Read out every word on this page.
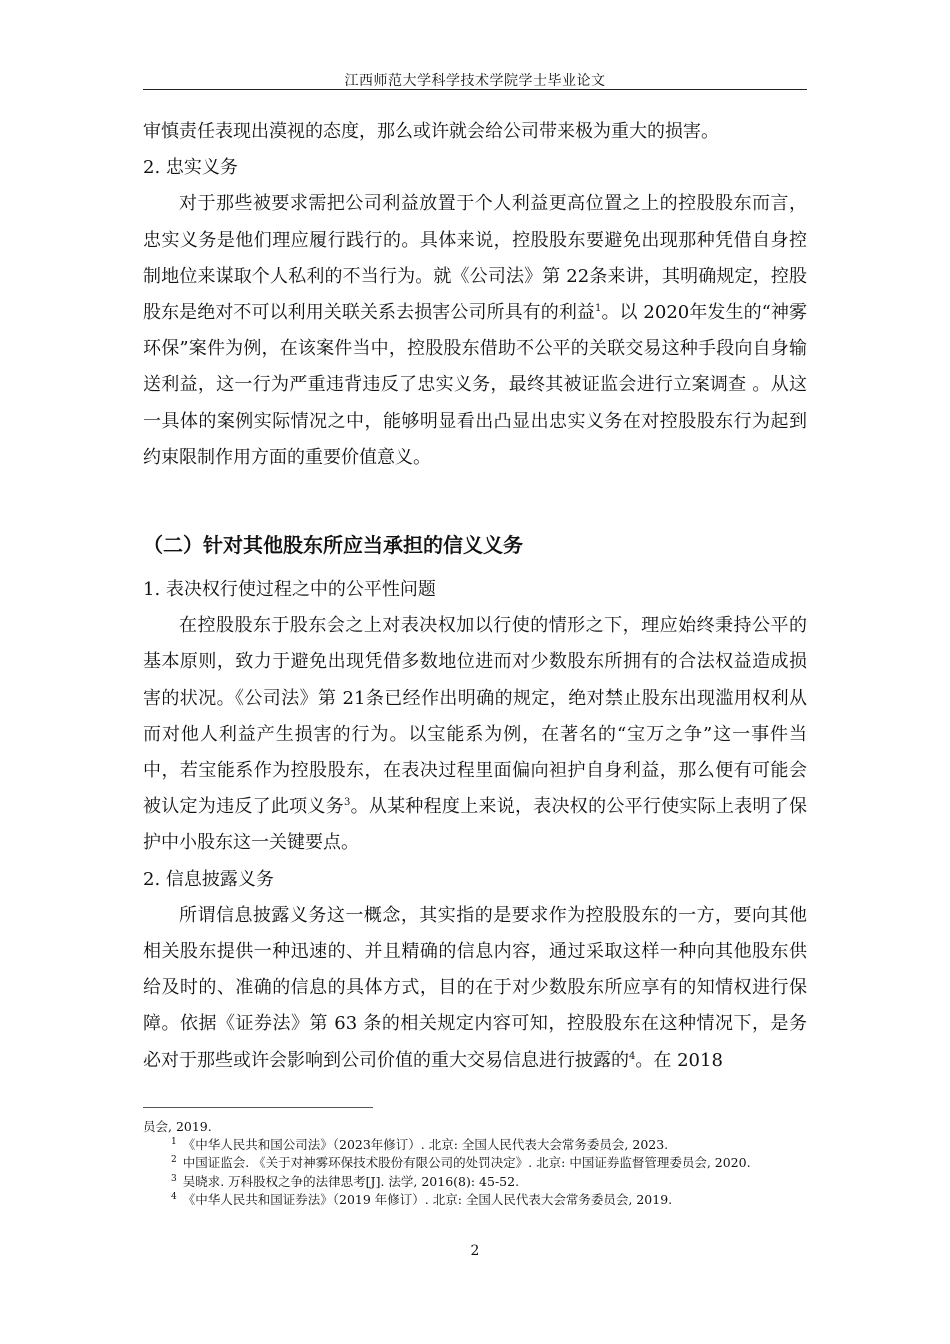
江西师范大学科学技术学院学士毕业论文

审慎责任表现出漠视的态度，那么或许就会给公司带来极为重大的损害。

2. 忠实义务

对于那些被要求需把公司利益放置于个人利益更高位置之上的控股股东而言，忠实义务是他们理应履行践行的。具体来说，控股股东要避免出现那种凭借自身控制地位来谋取个人私利的不当行为。就《公司法》第 22条来讲，其明确规定，控股股东是绝对不可以利用关联关系去损害公司所具有的利益$^1$。以 2020年发生的“神雾环保”案件为例，在该案件当中，控股股东借助不公平的关联交易这种手段向自身输送利益，这一行为严重违背违反了忠实义务，最终其被证监会进行立案调查 。从这一具体的案例实际情况之中，能够明显看出凸显出忠实义务在对控股股东行为起到约束限制作用方面的重要价值意义。

（二）针对其他股东所应当承担的信义义务

1. 表决权行使过程之中的公平性问题

在控股股东于股东会之上对表决权加以行使的情形之下，理应始终秉持公平的基本原则，致力于避免出现凭借多数地位进而对少数股东所拥有的合法权益造成损害的状况。《公司法》第 21条已经作出明确的规定，绝对禁止股东出现滥用权利从而对他人利益产生损害的行为。以宝能系为例，在著名的“宝万之争”这一事件当中，若宝能系作为控股股东，在表决过程里面偏向袒护自身利益，那么便有可能会被认定为违反了此项义务$^3$。从某种程度上来说，表决权的公平行使实际上表明了保护中小股东这一关键要点。

2. 信息披露义务

所谓信息披露义务这一概念，其实指的是要求作为控股股东的一方，要向其他相关股东提供一种迅速的、并且精确的信息内容，通过采取这样一种向其他股东供给及时的、准确的信息的具体方式，目的在于对少数股东所应享有的知情权进行保障。依据《证券法》第 63 条的相关规定内容可知，控股股东在这种情况下，是务必对于那些或许会影响到公司价值的重大交易信息进行披露的$^4$。在 2018

员会, 2019.

$^1$ 《中华人民共和国公司法》（2023年修订）. 北京: 全国人民代表大会常务委员会, 2023.

$^2$ 中国证监会. 《关于对神雾环保技术股份有限公司的处罚决定》. 北京: 中国证券监督管理委员会, 2020.

$^3$ 吴晓求. 万科股权之争的法律思考[J]. 法学, 2016(8): 45-52.

$^4$ 《中华人民共和国证券法》（2019 年修订）. 北京: 全国人民代表大会常务委员会, 2019.

2
